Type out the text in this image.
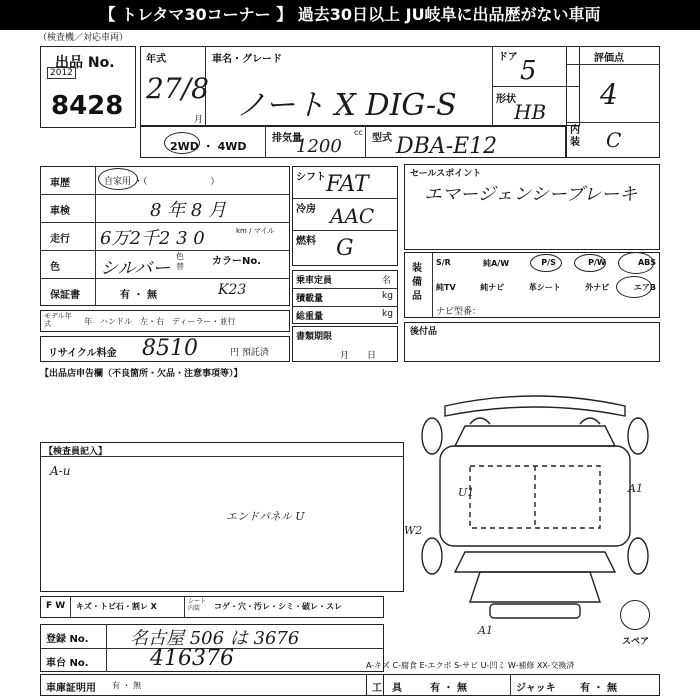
【 トレタマ30コーナー 】 過去30日以上 JU岐阜に出品歴がない車両
（検査機／対応車両）
出品 No.
2012
8428
年式
27/8
月
車名・グレード
ノート X DIG-S
ドア 5
形状
HB
評価点
4
内装 C
2WD ・ 4WD
排気量
1200
cc
型式 DBA-E12
車歴	自家用 ・（　　　　　　　）
車検	8 年 8 月
走行 6万2千2 3 0	km / マイル
色 シルバー
色替	カラーNo.
K23
保証書	有 ・ 無
モデル年式	年　ハンドル　左・右　ディーラー・並行
リサイクル料金 8510	円 預託済
シフト FAT
冷房 AAC
燃料 G
乗車定員	名
積載量	kg
総重量	kg
書類期限
月　　日
セールスポイント
エマージェンシーブレーキ
装備品
S/R	純A/W	P/S	P/W	ABS
純TV	純ナビ	革シート	外ナビ	エアB
ナビ型番：
後付品
【出品店申告欄（不良箇所・欠品・注意事項等）】
【検査員記入】
A-u
エンドパネル U
F W キズ・トビ石・割レ X
シート内装	コゲ・穴・汚レ・シミ・破レ・スレ
登録 No. 名古屋 506 は 3676
車台 No.	416376
車庫証明用 有 ・ 無
U1	A1
W2
A1
スペア
A-キズ C-腐食 E-エクボ S-サビ U-凹ミ W-補修 XX-交換済
工　具	有 ・ 無	ジャッキ 有 ・ 無
